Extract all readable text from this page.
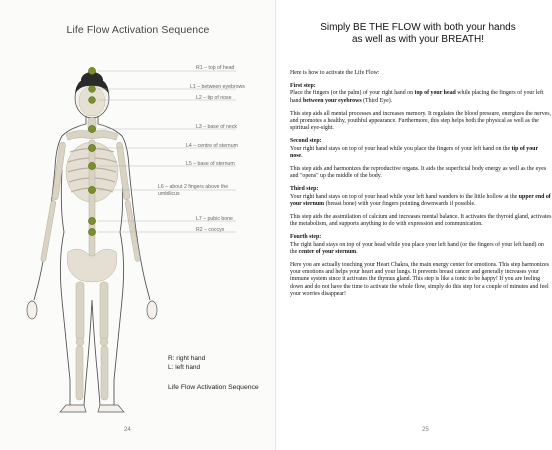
Life Flow Activation Sequence
R1 – top of head
L1 – between eyebrows
L2 – tip of nose
L3 – base of neck
L4 – centre of sternum
L5 – base of sternum
L6 – about 2 fingers above the
umbilicus
L7 – pubic bone
R2 – coccyx
R: right hand
L: left hand
Life Flow Activation Sequence
24
Simply BE THE FLOW with both your hands
as well as with your BREATH!

Here is how to activate the Life Flow:

First step:
Place the fingers (or the palm) of your right hand on top of your head while placing the fingers of your left hand between your eyebrows (Third Eye).

This step aids all mental processes and increases memory. It regulates the blood pressure, energizes the nerves, and promotes a healthy, youthful appearance. Furthermore, this step helps both the physical as well as the spiritual eye-sight.

Second step:
Your right hand stays on top of your head while you place the fingers of your left hand on the tip of your nose.

This step aids and harmonizes the reproductive organs. It aids the superficial body energy as well as the eyes and "opens" up the middle of the body.

Third step:
Your right hand stays on top of your head while your left hand wanders to the little hollow at the upper end of your sternum (breast bone) with your fingers pointing downwards if possible.

This step aids the assimilation of calcium and increases mental balance. It activates the thyroid gland, activates the metabolism, and supports anything to do with expression and communication.

Fourth step:
The right hand stays on top of your head while you place your left hand (or the fingers of your left hand) on the center of your sternum.

Here you are actually touching your Heart Chakra, the main energy center for emotions. This step harmonizes your emotions and helps your heart and your lungs. It prevents breast cancer and generally increases your immune system since it activates the thymus gland. This step is like a tonic to be happy! If you are feeling down and do not have the time to activate the whole flow, simply do this step for a couple of minutes and feel your worries disappear!

25
